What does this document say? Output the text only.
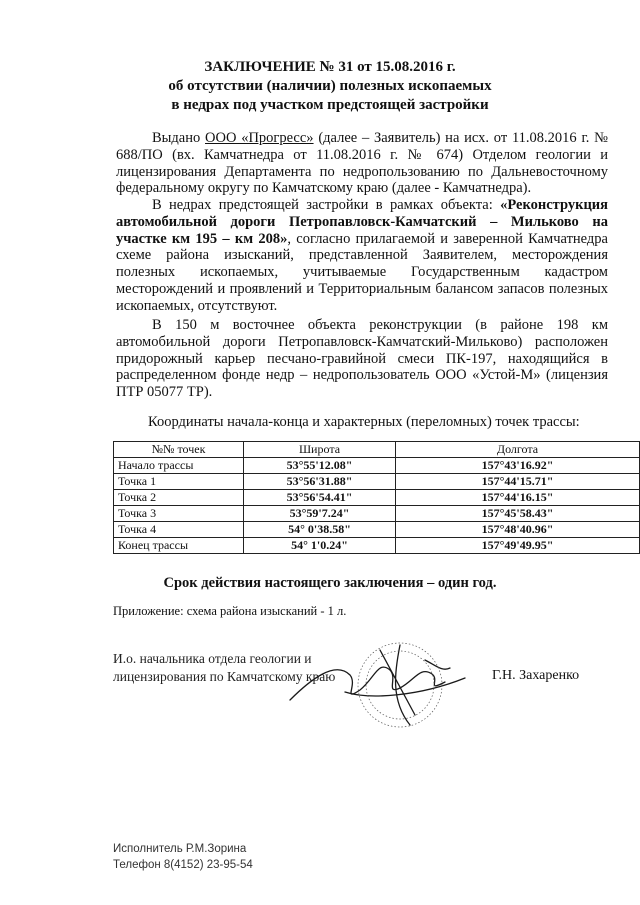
ЗАКЛЮЧЕНИЕ № 31 от 15.08.2016 г.
об отсутствии (наличии) полезных ископаемых
в недрах под участком предстоящей застройки
Выдано ООО «Прогресс» (далее – Заявитель) на исх. от 11.08.2016 г. № 688/ПО (вх. Камчатнедра от 11.08.2016 г. № 674) Отделом геологии и лицензирования Департамента по недропользованию по Дальневосточному федеральному округу по Камчатскому краю (далее - Камчатнедра).
В недрах предстоящей застройки в рамках объекта: «Реконструкция автомобильной дороги Петропавловск-Камчатский – Мильково на участке км 195 – км 208», согласно прилагаемой и заверенной Камчатнедра схеме района изысканий, представленной Заявителем, месторождения полезных ископаемых, учитываемые Государственным кадастром месторождений и проявлений и Территориальным балансом запасов полезных ископаемых, отсутствуют.
В 150 м восточнее объекта реконструкции (в районе 198 км автомобильной дороги Петропавловск-Камчатский-Мильково) расположен придорожный карьер песчано-гравийной смеси ПК-197, находящийся в распределенном фонде недр – недропользователь ООО «Устой-М» (лицензия ПТР 05077 ТР).
Координаты начала-конца и характерных (переломных) точек трассы:
№№ точек	Широта	Долгота
Начало трассы	53°55'12.08"	157°43'16.92"
Точка 1	53°56'31.88"	157°44'15.71"
Точка 2	53°56'54.41"	157°44'16.15"
Точка 3	53°59'7.24"	157°45'58.43"
Точка 4	54° 0'38.58"	157°48'40.96"
Конец трассы	54° 1'0.24"	157°49'49.95"
Срок действия настоящего заключения – один год.
Приложение: схема района изысканий - 1 л.
И.о. начальника отдела геологии и
лицензирования по Камчатскому краю	Г.Н. Захаренко
Исполнитель Р.М.Зорина
Телефон 8(4152) 23-95-54
